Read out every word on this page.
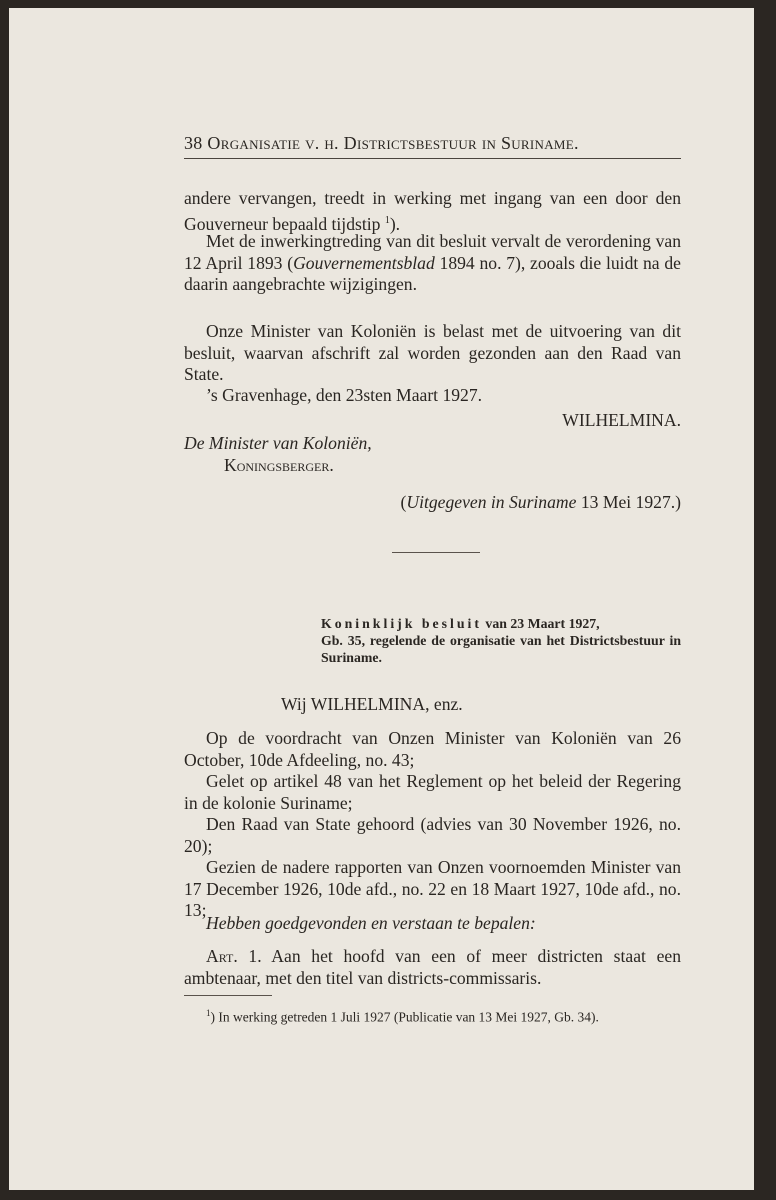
38 Organisatie v. h. Districtsbestuur in Suriname.
andere vervangen, treedt in werking met ingang van een door den Gouverneur bepaald tijdstip $^1$).
Met de inwerkingtreding van dit besluit vervalt de verordening van 12 April 1893 (Gouvernementsblad 1894 no. 7), zooals die luidt na de daarin aangebrachte wijzigingen.
Onze Minister van Koloniën is belast met de uitvoering van dit besluit, waarvan afschrift zal worden gezonden aan den Raad van State.
’s Gravenhage, den 23sten Maart 1927.
WILHELMINA.
De Minister van Koloniën,
Koningsberger.
(Uitgegeven in Suriname 13 Mei 1927.)
Koninklijk besluit van 23 Maart 1927,
Gb. 35, regelende de organisatie van het Districtsbestuur in Suriname.
Wij WILHELMINA, enz.
Op de voordracht van Onzen Minister van Koloniën van 26 October, 10de Afdeeling, no. 43;
Gelet op artikel 48 van het Reglement op het beleid der Regering in de kolonie Suriname;
Den Raad van State gehoord (advies van 30 November 1926, no. 20);
Gezien de nadere rapporten van Onzen voornoemden Minister van 17 December 1926, 10de afd., no. 22 en 18 Maart 1927, 10de afd., no. 13;
Hebben goedgevonden en verstaan te bepalen:
Art. 1. Aan het hoofd van een of meer districten staat een ambtenaar, met den titel van districts-commissaris.
$^1$) In werking getreden 1 Juli 1927 (Publicatie van 13 Mei 1927, Gb. 34).
